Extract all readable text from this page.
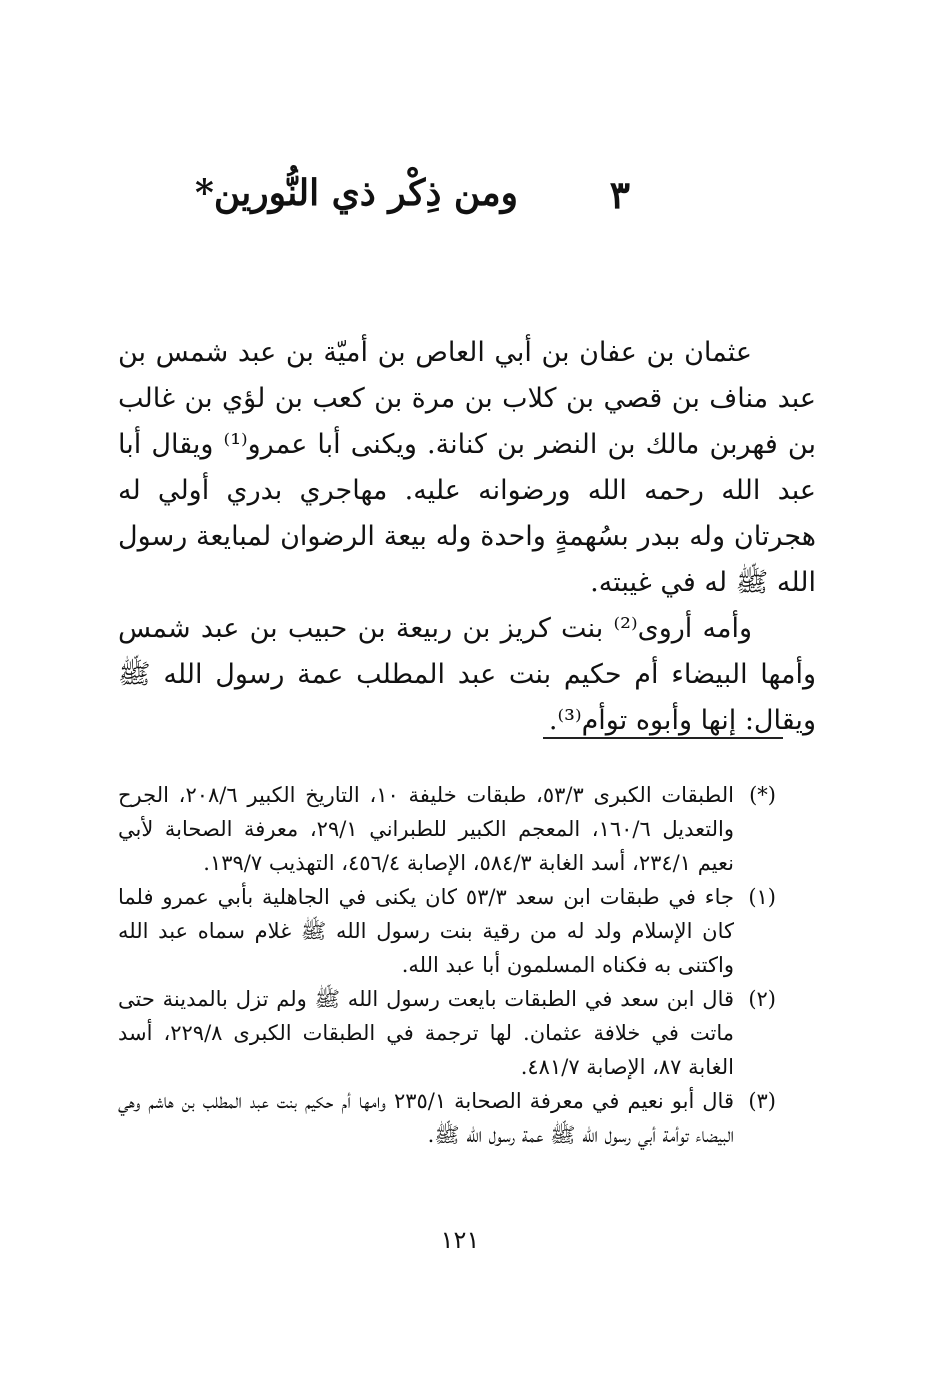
٣
ومن ذِكْر ذي النُّورين*

عثمان بن عفان بن أبي العاص بن أميّة بن عبد شمس بن عبد مناف بن قصي بن كلاب بن مرة بن كعب بن لؤي بن غالب بن فهربن مالك بن النضر بن كنانة. ويكنى أبا عمرو⁽¹⁾ ويقال أبا عبد الله رحمه الله ورضوانه عليه. مهاجري بدري أولي له هجرتان وله ببدر بسُهمةٍ واحدة وله بيعة الرضوان لمبايعة رسول الله ﷺ له في غيبته.

وأمه أروى⁽²⁾ بنت كريز بن ربيعة بن حبيب بن عبد شمس وأمها البيضاء أم حكيم بنت عبد المطلب عمة رسول الله ﷺ ويقال: إنها وأبوه توأم⁽³⁾.

(*)
الطبقات الكبرى ٥٣/٣، طبقات خليفة ١٠، التاريخ الكبير ٢٠٨/٦، الجرح والتعديل ١٦٠/٦، المعجم الكبير للطبراني ٢٩/١، معرفة الصحابة لأبي نعيم ٢٣٤/١، أسد الغابة ٥٨٤/٣، الإصابة ٤٥٦/٤، التهذيب ١٣٩/٧.

(١)
جاء في طبقات ابن سعد ٥٣/٣ كان يكنى في الجاهلية بأبي عمرو فلما كان الإسلام ولد له من رقية بنت رسول الله ﷺ غلام سماه عبد الله واكتنى به فكناه المسلمون أبا عبد الله.

(٢)
قال ابن سعد في الطبقات بايعت رسول الله ﷺ ولم تزل بالمدينة حتى ماتت في خلافة عثمان. لها ترجمة في الطبقات الكبرى ٢٢٩/٨، أسد الغابة ٨٧، الإصابة ٤٨١/٧.

(٣)
قال أبو نعيم في معرفة الصحابة ٢٣٥/١ وامها أم حكيم بنت عبد المطلب بن هاشم وهي البيضاء توأمة أبي رسول الله ﷺ عمة رسول الله ﷺ.

١٢١
